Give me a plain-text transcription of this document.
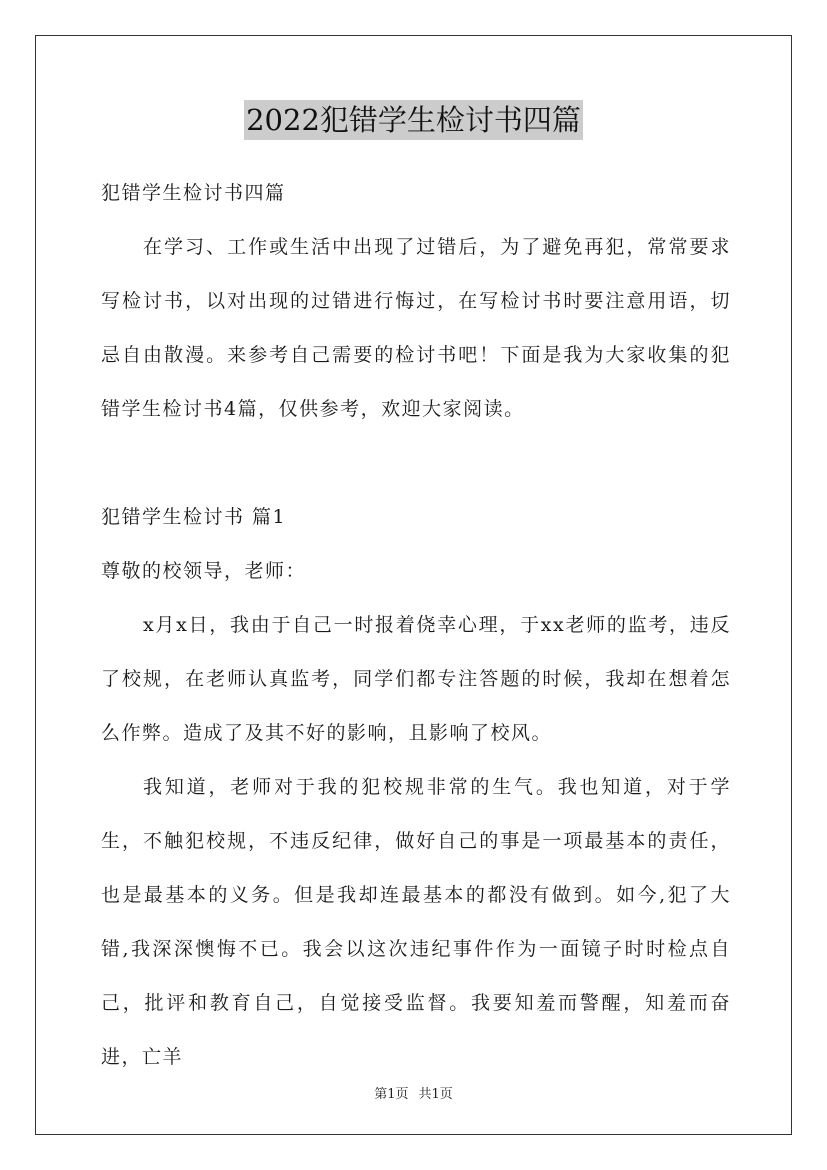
2022犯错学生检讨书四篇

犯错学生检讨书四篇

在学习、工作或生活中出现了过错后，为了避免再犯，常常要求写检讨书，以对出现的过错进行悔过，在写检讨书时要注意用语，切忌自由散漫。来参考自己需要的检讨书吧！下面是我为大家收集的犯错学生检讨书4篇，仅供参考，欢迎大家阅读。

犯错学生检讨书 篇1

尊敬的校领导，老师：

x月x日，我由于自己一时报着侥幸心理，于xx老师的监考，违反了校规，在老师认真监考，同学们都专注答题的时候，我却在想着怎么作弊。造成了及其不好的影响，且影响了校风。

我知道，老师对于我的犯校规非常的生气。我也知道，对于学生，不触犯校规，不违反纪律，做好自己的事是一项最基本的责任，也是最基本的义务。但是我却连最基本的都没有做到。如今,犯了大错,我深深懊悔不已。我会以这次违纪事件作为一面镜子时时检点自己，批评和教育自己，自觉接受监督。我要知羞而警醒，知羞而奋进，亡羊

第1页 共1页
